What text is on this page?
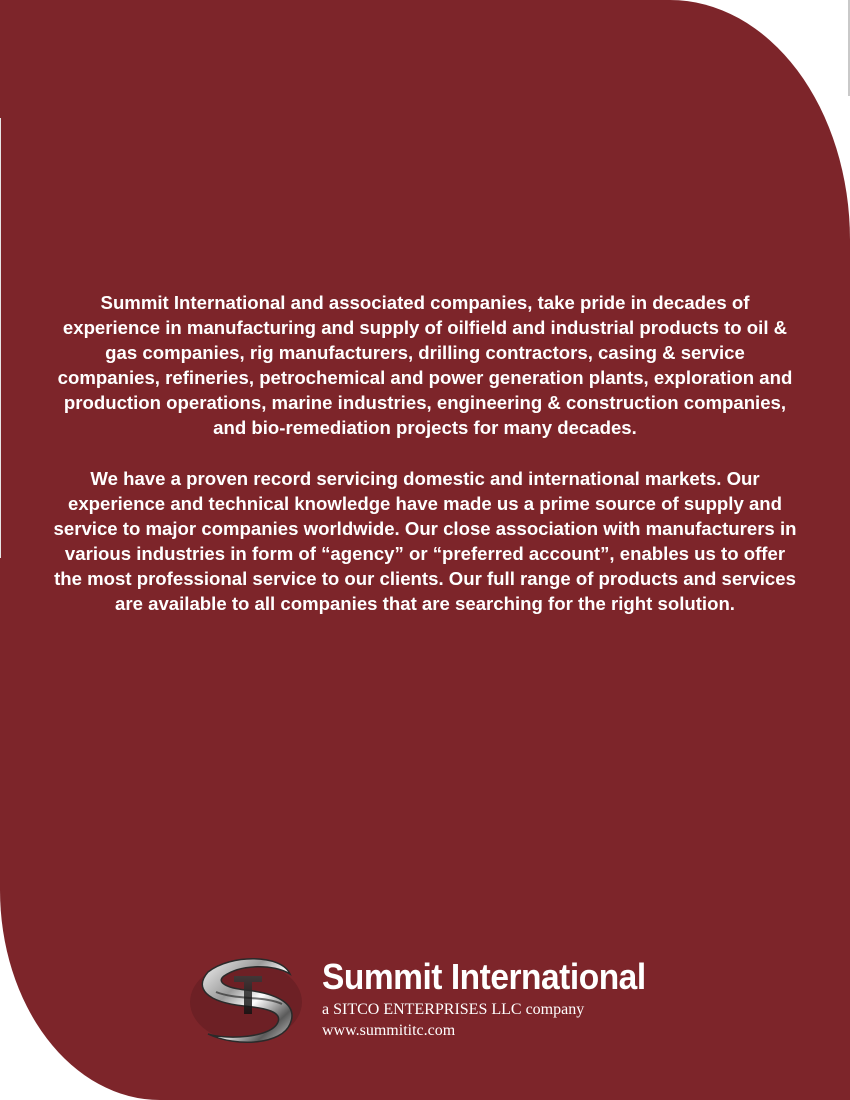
Summit International and associated companies, take pride in decades of experience in manufacturing and supply of oilfield and industrial products to oil & gas companies, rig manufacturers, drilling contractors, casing & service companies, refineries, petrochemical and power generation plants, exploration and production operations, marine industries, engineering & construction companies, and bio-remediation projects for many decades.

We have a proven record servicing domestic and international markets. Our experience and technical knowledge have made us a prime source of supply and service to major companies worldwide. Our close association with manufacturers in various industries in form of “agency” or “preferred account”, enables us to offer the most professional service to our clients. Our full range of products and services are available to all companies that are searching for the right solution.

Summit International
a SITCO ENTERPRISES LLC company
www.summititc.com
